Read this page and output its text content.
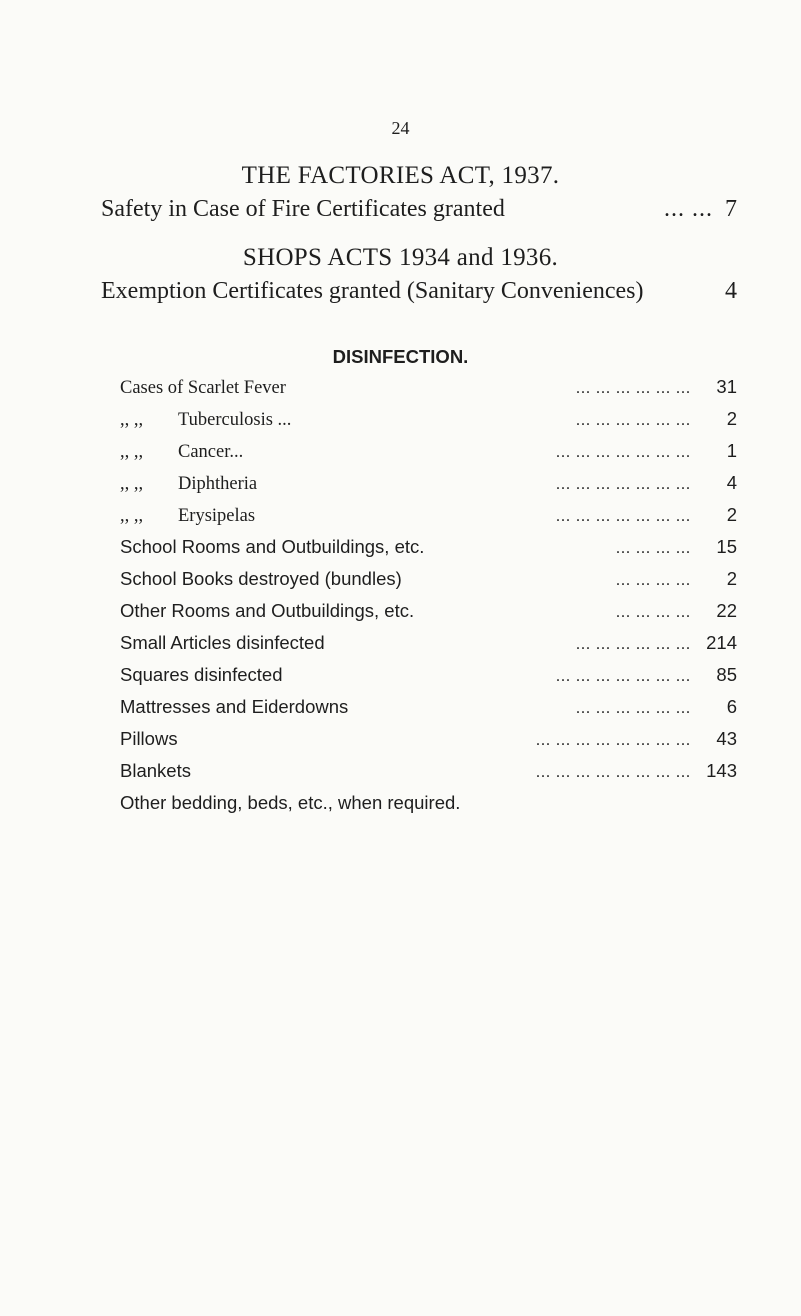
24
THE FACTORIES ACT, 1937.
Safety in Case of Fire Certificates granted	... ... 7
SHOPS ACTS 1934 and 1936.
Exemption Certificates granted (Sanitary Conveniences)	4
DISINFECTION.
Cases of Scarlet Fever	... ... ... ... ... ...	31
,, ,, Tuberculosis ...	... ... ... ... ... ...	2
,, ,, Cancer...	... ... ... ... ... ... ...	1
,, ,, Diphtheria	... ... ... ... ... ... ...	4
,, ,, Erysipelas	... ... ... ... ... ... ...	2
School Rooms and Outbuildings, etc.	... ... ... ...	15
School Books destroyed (bundles)	... ... ... ...	2
Other Rooms and Outbuildings, etc.	... ... ... ...	22
Small Articles disinfected	... ... ... ... ... ... 214
Squares disinfected	... ... ... ... ... ... ...	85
Mattresses and Eiderdowns	... ... ... ... ... ...	6
Pillows	... ... ... ... ... ... ... ...	43
Blankets	... ... ... ... ... ... ... ... 143
Other bedding, beds, etc., when required.
